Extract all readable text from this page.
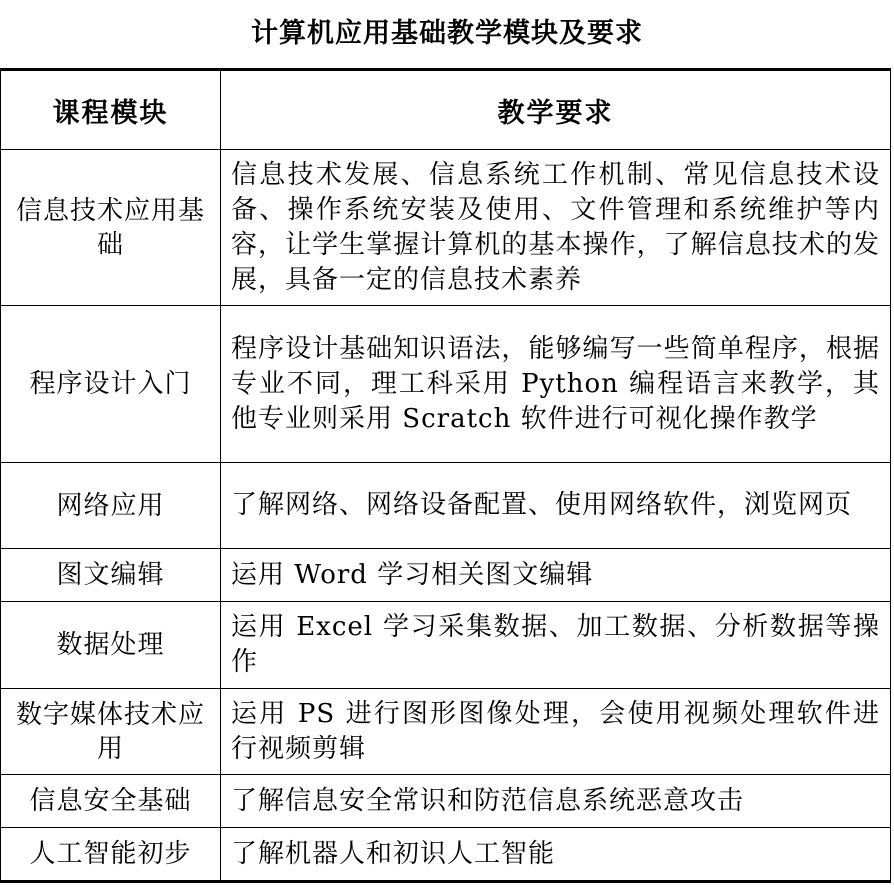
计算机应用基础教学模块及要求
课程模块	教学要求
信息技术应用基础	信息技术发展、信息系统工作机制、常见信息技术设备、操作系统安装及使用、文件管理和系统维护等内容，让学生掌握计算机的基本操作，了解信息技术的发展，具备一定的信息技术素养
程序设计入门	程序设计基础知识语法，能够编写一些简单程序，根据专业不同，理工科采用 Python 编程语言来教学，其他专业则采用 Scratch 软件进行可视化操作教学
网络应用	了解网络、网络设备配置、使用网络软件，浏览网页
图文编辑	运用 Word 学习相关图文编辑
数据处理	运用 Excel 学习采集数据、加工数据、分析数据等操作
数字媒体技术应用	运用 PS 进行图形图像处理，会使用视频处理软件进行视频剪辑
信息安全基础	了解信息安全常识和防范信息系统恶意攻击
人工智能初步	了解机器人和初识人工智能
